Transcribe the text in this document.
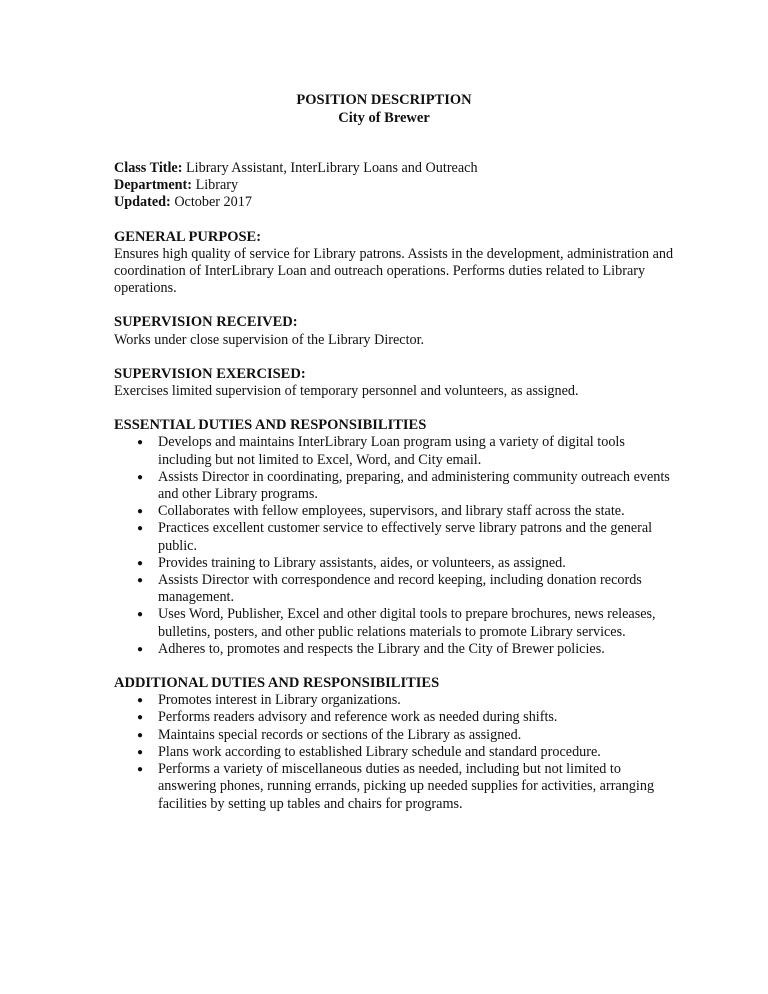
POSITION DESCRIPTION
City of Brewer

Class Title: Library Assistant, InterLibrary Loans and Outreach

Department: Library

Updated: October 2017

GENERAL PURPOSE:

Ensures high quality of service for Library patrons. Assists in the development, administration and coordination of InterLibrary Loan and outreach operations. Performs duties related to Library operations.

SUPERVISION RECEIVED:

Works under close supervision of the Library Director.

SUPERVISION EXERCISED:

Exercises limited supervision of temporary personnel and volunteers, as assigned.

ESSENTIAL DUTIES AND RESPONSIBILITIES

● Develops and maintains InterLibrary Loan program using a variety of digital tools including but not limited to Excel, Word, and City email.
● Assists Director in coordinating, preparing, and administering community outreach events and other Library programs.
● Collaborates with fellow employees, supervisors, and library staff across the state.
● Practices excellent customer service to effectively serve library patrons and the general public.
● Provides training to Library assistants, aides, or volunteers, as assigned.
● Assists Director with correspondence and record keeping, including donation records management.
● Uses Word, Publisher, Excel and other digital tools to prepare brochures, news releases, bulletins, posters, and other public relations materials to promote Library services.
● Adheres to, promotes and respects the Library and the City of Brewer policies.

ADDITIONAL DUTIES AND RESPONSIBILITIES

● Promotes interest in Library organizations.
● Performs readers advisory and reference work as needed during shifts.
● Maintains special records or sections of the Library as assigned.
● Plans work according to established Library schedule and standard procedure.
● Performs a variety of miscellaneous duties as needed, including but not limited to answering phones, running errands, picking up needed supplies for activities, arranging facilities by setting up tables and chairs for programs.
